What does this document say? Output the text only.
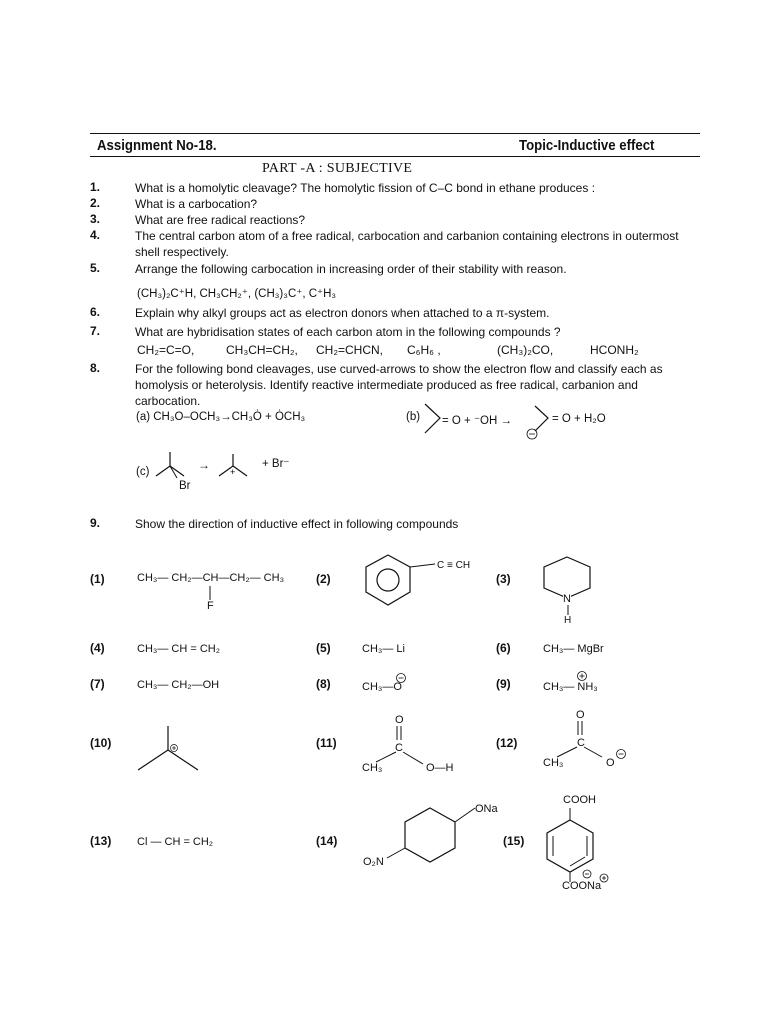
Assignment No-18.	Topic-Inductive effect
PART -A : SUBJECTIVE
1.	What is a homolytic cleavage? The homolytic fission of C–C bond in ethane produces :
2.	What is a carbocation?
3.	What are free radical reactions?
4.	The central carbon atom of a free radical, carbocation and carbanion containing electrons in outermost shell respectively.
5.	Arrange the following carbocation in increasing order of their stability with reason.
(CH₃)₂C⁺H, CH₃CH₂⁺, (CH₃)₃C⁺, C⁺H₃
6.	Explain why alkyl groups act as electron donors when attached to a π-system.
7.	What are hybridisation states of each carbon atom in the following compounds ?
CH₂=C=O,	CH₃CH=CH₂, CH₂=CHCN, C₆H₆ ,	(CH₃)₂CO,	HCONH₂
8.	For the following bond cleavages, use curved-arrows to show the electron flow and classify each as homolysis or heterolysis. Identify reactive intermediate produced as free radical, carbanion and carbocation.
(a) CH₃O–OCH₃→CH₃Ȯ + ȮCH₃	(b) = O + ⁻OH →	= O + H₂O
(c)	+
Br
→	+ Br⁻
9.	Show the direction of inductive effect in following compounds
(1)	CH₃— CH₂—CH—CH₂— CH₃
F
(2)
C ≡ CH
(3)
N
H
(4)	CH₃— CH = CH₂	(5)	CH₃— Li	(6)	CH₃— MgBr
(7)	CH₃— CH₂—OH	(8)	CH₃—O	(9)	CH₃— NH₃
(10)	(11)
O
C
CH₃	O—H
(12)
O
C
CH₃	O
(13) Cl — CH = CH₂	(14)
ONa
O₂N
(15)
COOH
COONa
